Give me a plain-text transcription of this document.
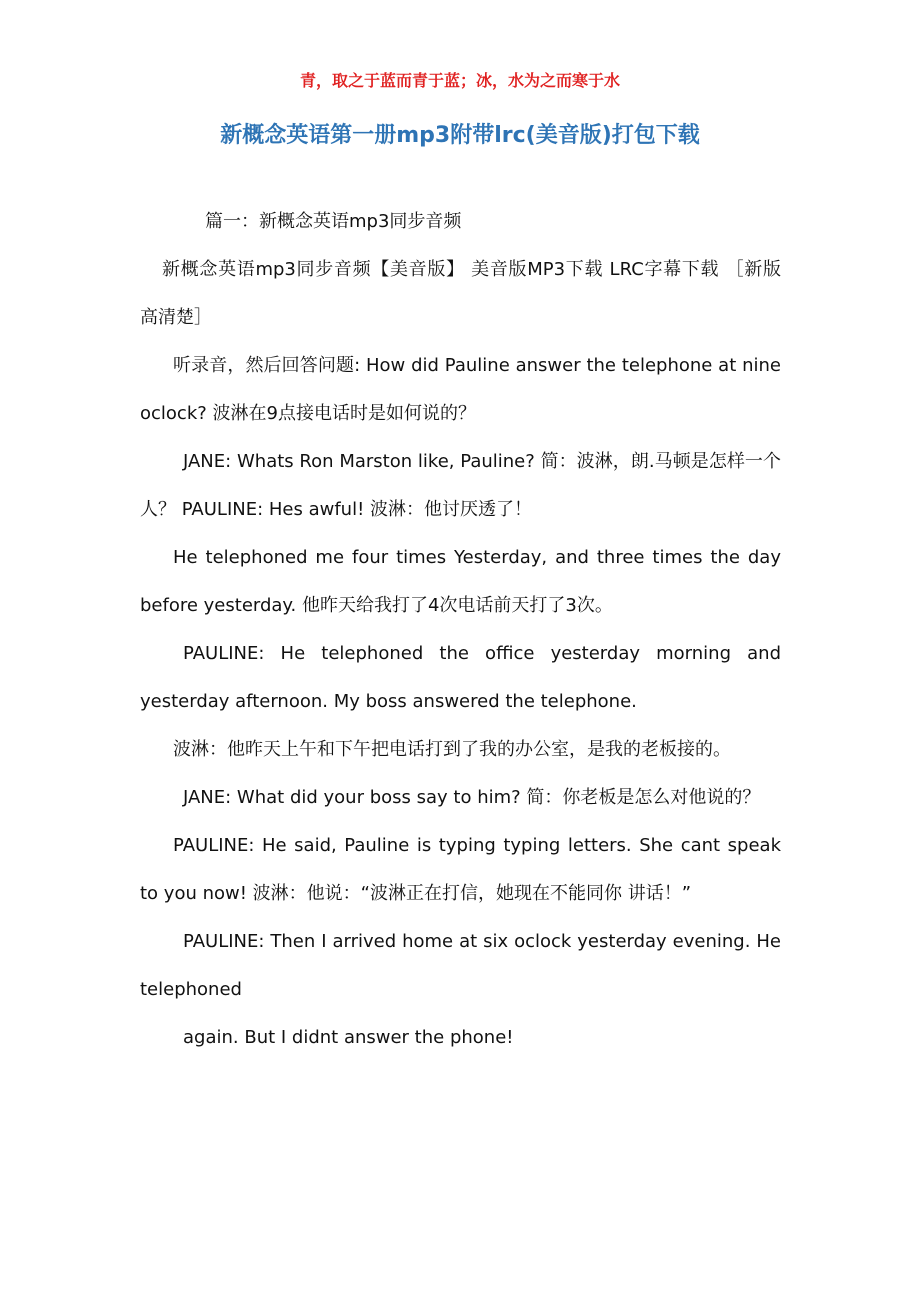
青，取之于蓝而青于蓝；冰，水为之而寒于水
新概念英语第一册mp3附带lrc(美音版)打包下载

篇一：新概念英语mp3同步音频

新概念英语mp3同步音频【美音版】 美音版MP3下载 LRC字幕下载 ［新版 高清楚］

听录音，然后回答问题: How did Pauline answer the telephone at nine oclock? 波淋在9点接电话时是如何说的？

JANE: Whats Ron Marston like, Pauline? 简：波淋，朗.马顿是怎样一个人？ PAULINE: Hes awful! 波淋：他讨厌透了！

He telephoned me four times Yesterday, and three times the day before yesterday. 他昨天给我打了4次电话前天打了3次。

PAULINE: He telephoned the office yesterday morning and yesterday afternoon. My boss answered the telephone.

波淋：他昨天上午和下午把电话打到了我的办公室，是我的老板接的。

JANE: What did your boss say to him? 简：你老板是怎么对他说的？

PAULINE: He said, Pauline is typing typing letters. She cant speak to you now! 波淋：他说：“波淋正在打信，她现在不能同你 讲话！”

PAULINE: Then I arrived home at six oclock yesterday evening. He telephoned

again. But I didnt answer the phone!
